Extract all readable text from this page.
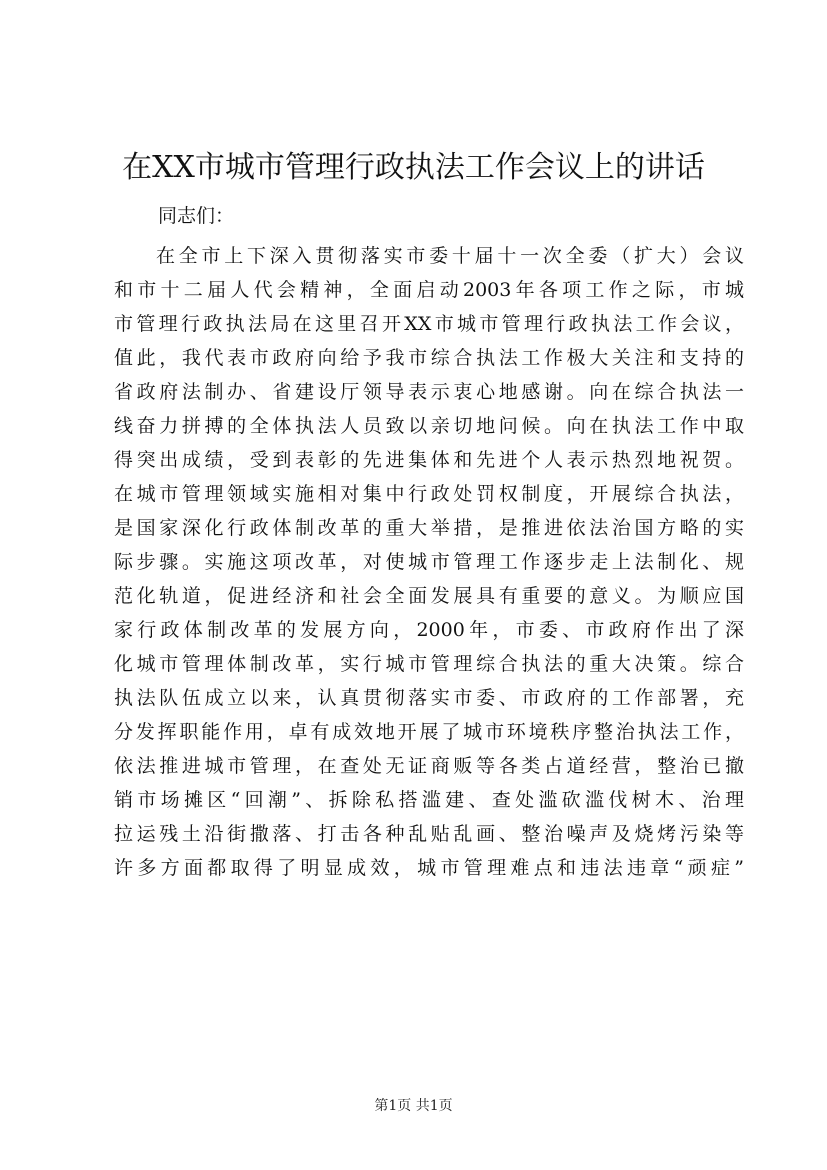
在XX市城市管理行政执法工作会议上的讲话
同志们：
在全市上下深入贯彻落实市委十届十一次全委（扩大）会议
和市十二届人代会精神，全面启动2003年各项工作之际，市城
市管理行政执法局在这里召开XX市城市管理行政执法工作会议，
值此，我代表市政府向给予我市综合执法工作极大关注和支持的
省政府法制办、省建设厅领导表示衷心地感谢。向在综合执法一
线奋力拼搏的全体执法人员致以亲切地问候。向在执法工作中取
得突出成绩，受到表彰的先进集体和先进个人表示热烈地祝贺。
在城市管理领域实施相对集中行政处罚权制度，开展综合执法，
是国家深化行政体制改革的重大举措，是推进依法治国方略的实
际步骤。实施这项改革，对使城市管理工作逐步走上法制化、规
范化轨道，促进经济和社会全面发展具有重要的意义。为顺应国
家行政体制改革的发展方向，2000年，市委、市政府作出了深
化城市管理体制改革，实行城市管理综合执法的重大决策。综合
执法队伍成立以来，认真贯彻落实市委、市政府的工作部署，充
分发挥职能作用，卓有成效地开展了城市环境秩序整治执法工作，
依法推进城市管理，在查处无证商贩等各类占道经营，整治已撤
销市场摊区“回潮”、拆除私搭滥建、查处滥砍滥伐树木、治理
拉运残土沿街撒落、打击各种乱贴乱画、整治噪声及烧烤污染等
许多方面都取得了明显成效，城市管理难点和违法违章“顽症”
第1页 共1页
